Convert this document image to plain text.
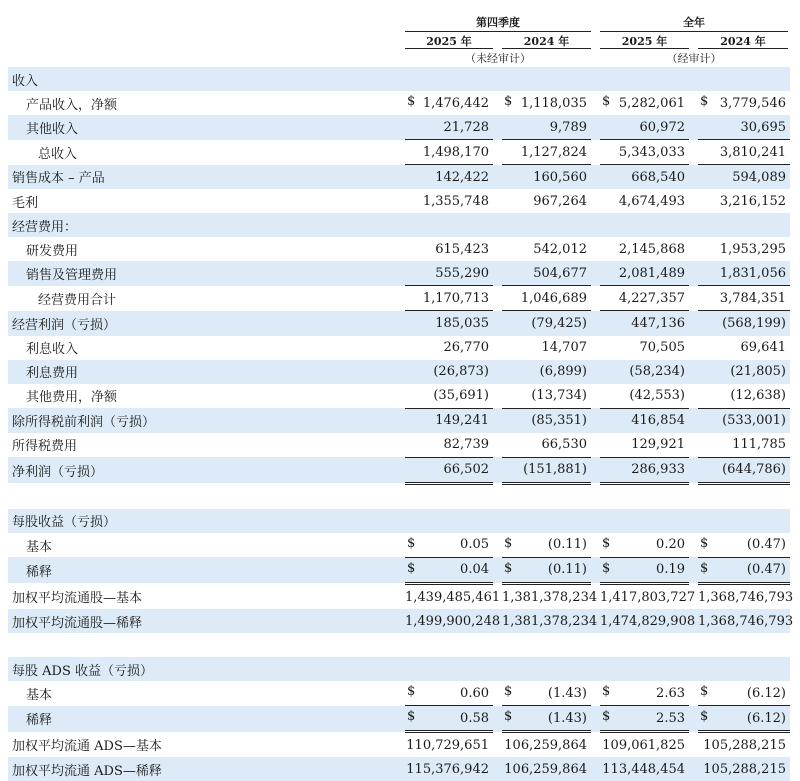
第四季度	全年
2025 年	2024 年	2025 年	2024 年
（未经审计）	（经审计）
收入								
产品收入，净额		$ 1,476,442		$ 1,118,035		$ 5,282,061		$ 3,779,546
其他收入		21,728		9,789		60,972		30,695
总收入		1,498,170		1,127,824		5,343,033		3,810,241
销售成本 – 产品		142,422		160,560		668,540		594,089
毛利		1,355,748		967,264		4,674,493		3,216,152
经营费用：								
研发费用		615,423		542,012		2,145,868		1,953,295
销售及管理费用		555,290		504,677		2,081,489		1,831,056
经营费用合计		1,170,713		1,046,689		4,227,357		3,784,351
经营利润（亏损）		185,035		(79,425)		447,136		(568,199)
利息收入		26,770		14,707		70,505		69,641
利息费用		(26,873)		(6,899)		(58,234)		(21,805)
其他费用，净额		(35,691)		(13,734)		(42,553)		(12,638)
除所得税前利润（亏损）		149,241		(85,351)		416,854		(533,001)
所得税费用		82,739		66,530		129,921		111,785
净利润（亏损）		66,502		(151,881)		286,933		(644,786)

每股收益（亏损）								
基本		$ 0.05		$ (0.11)		$ 0.20		$ (0.47)
稀释		$ 0.04		$ (0.11)		$ 0.19		$ (0.47)
加权平均流通股—基本		1,439,485,461		1,381,378,234		1,417,803,727		1,368,746,793
加权平均流通股—稀释		1,499,900,248		1,381,378,234		1,474,829,908		1,368,746,793

每股 ADS 收益（亏损）								
基本		$ 0.60		$ (1.43)		$ 2.63		$ (6.12)
稀释		$ 0.58		$ (1.43)		$ 2.53		$ (6.12)
加权平均流通 ADS—基本		110,729,651		106,259,864		109,061,825		105,288,215
加权平均流通 ADS—稀释		115,376,942		106,259,864		113,448,454		105,288,215
